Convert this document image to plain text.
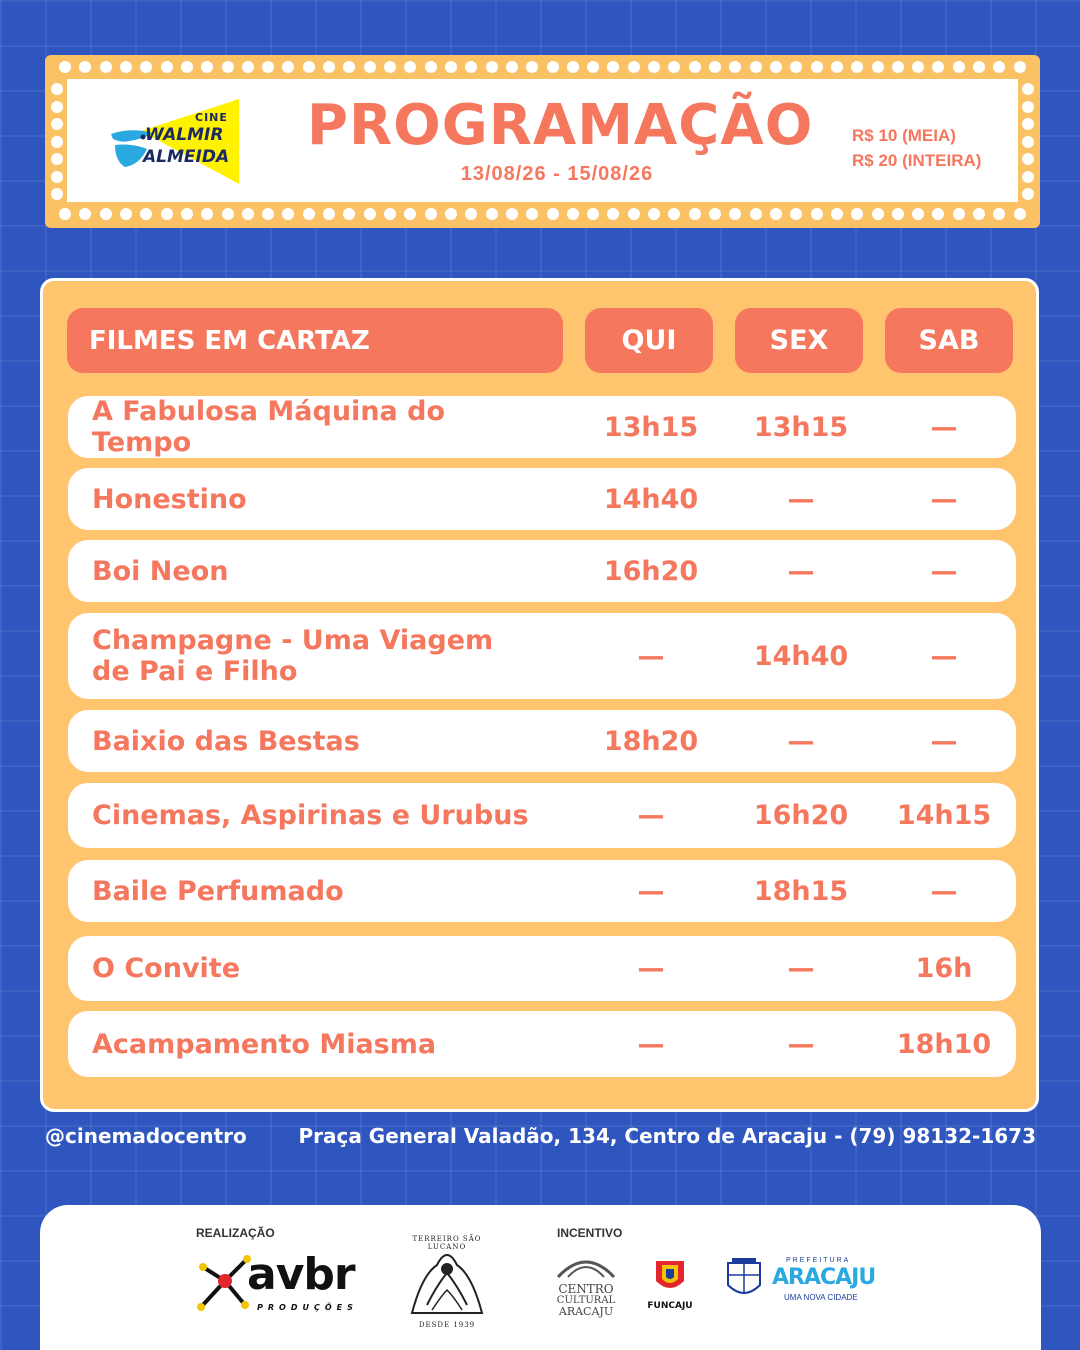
CINE
WALMIR
ALMEIDA PROGRAMAÇÃO
13/08/26 - 15/08/26
R$ 10 (MEIA)
R$ 20 (INTEIRA)
FILMES EM CARTAZ	QUI	SEX	SAB
A Fabulosa Máquina do Tempo	13h15	13h15	—
Honestino	14h40	—	—
Boi Neon	16h20	—	—
Champagne - Uma Viagem de Pai e Filho	—	14h40	—
Baixio das Bestas	18h20	—	—
Cinemas, Aspirinas e Urubus	—	16h20	14h15
Baile Perfumado	—	18h15	—
O Convite	—	—	16h
Acampamento Miasma	—	—	18h10
@cinemadocentro	Praça General Valadão, 134, Centro de Aracaju - (79) 98132-1673
REALIZAÇÃO	INCENTIVO
avbr
PRODUÇÕES
TERREIRO SÃO LUCANO
DESDE 1939
CENTRO
CULTURAL
ARACAJU	FUNCAJU
PREFEITURA
ARACAJU
UMA NOVA CIDADE
